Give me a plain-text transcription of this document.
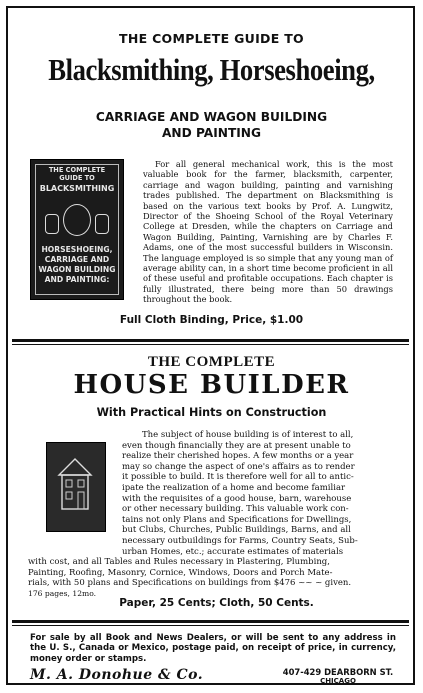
THE COMPLETE GUIDE TO
Blacksmithing, Horseshoeing,
CARRIAGE AND WAGON BUILDING
AND PAINTING
THE COMPLETE
GUIDE TO
BLACKSMITHING
HORSESHOEING,
CARRIAGE AND
WAGON BUILDING
AND PAINTING:
For all general mechanical work, this is the most valuable book for the farmer, blacksmith, carpenter, carriage and wagon building, painting and varnishing trades published. The department on Blacksmithing is based on the various text books by Prof. A. Lungwitz, Director of the Shoeing School of the Royal Veterinary College at Dresden, while the chapters on Carriage and Wagon Building, Painting, Varnishing are by Charles F. Adams, one of the most successful builders in Wisconsin. The language employed is so simple that any young man of average ability can, in a short time become proficient in all of these useful and profitable occupations. Each chapter is fully illustrated, there being more than 50 drawings throughout the book.
Full Cloth Binding, Price, $1.00
THE COMPLETE
HOUSE BUILDER
With Practical Hints on Construction
The subject of house building is of interest to all,
even though financially they are at present unable to
realize their cherished hopes. A few months or a year
may so change the aspect of one's affairs as to render
it possible to build. It is therefore well for all to antic-
ipate the realization of a home and become familiar
with the requisites of a good house, barn, warehouse
or other necessary building. This valuable work con-
tains not only Plans and Specifications for Dwellings,
but Clubs, Churches, Public Buildings, Barns, and all
necessary outbuildings for Farms, Country Seats, Sub-
urban Homes, etc.; accurate estimates of materials
with cost, and all Tables and Rules necessary in Plastering, Plumbing,
Painting, Roofing, Masonry, Cornice, Windows, Doors and Porch Mate-
rials, with 50 plans and Specifications on buildings from $476 ~~ ~ given.
176 pages, 12mo.
Paper, 25 Cents; Cloth, 50 Cents.
For sale by all Book and News Dealers, or will be sent to any address in the U. S., Canada or Mexico, postage paid, on receipt of price, in currency, money order or stamps.
M. A. Donohue & Co.	407-429 DEARBORN ST.
CHICAGO
